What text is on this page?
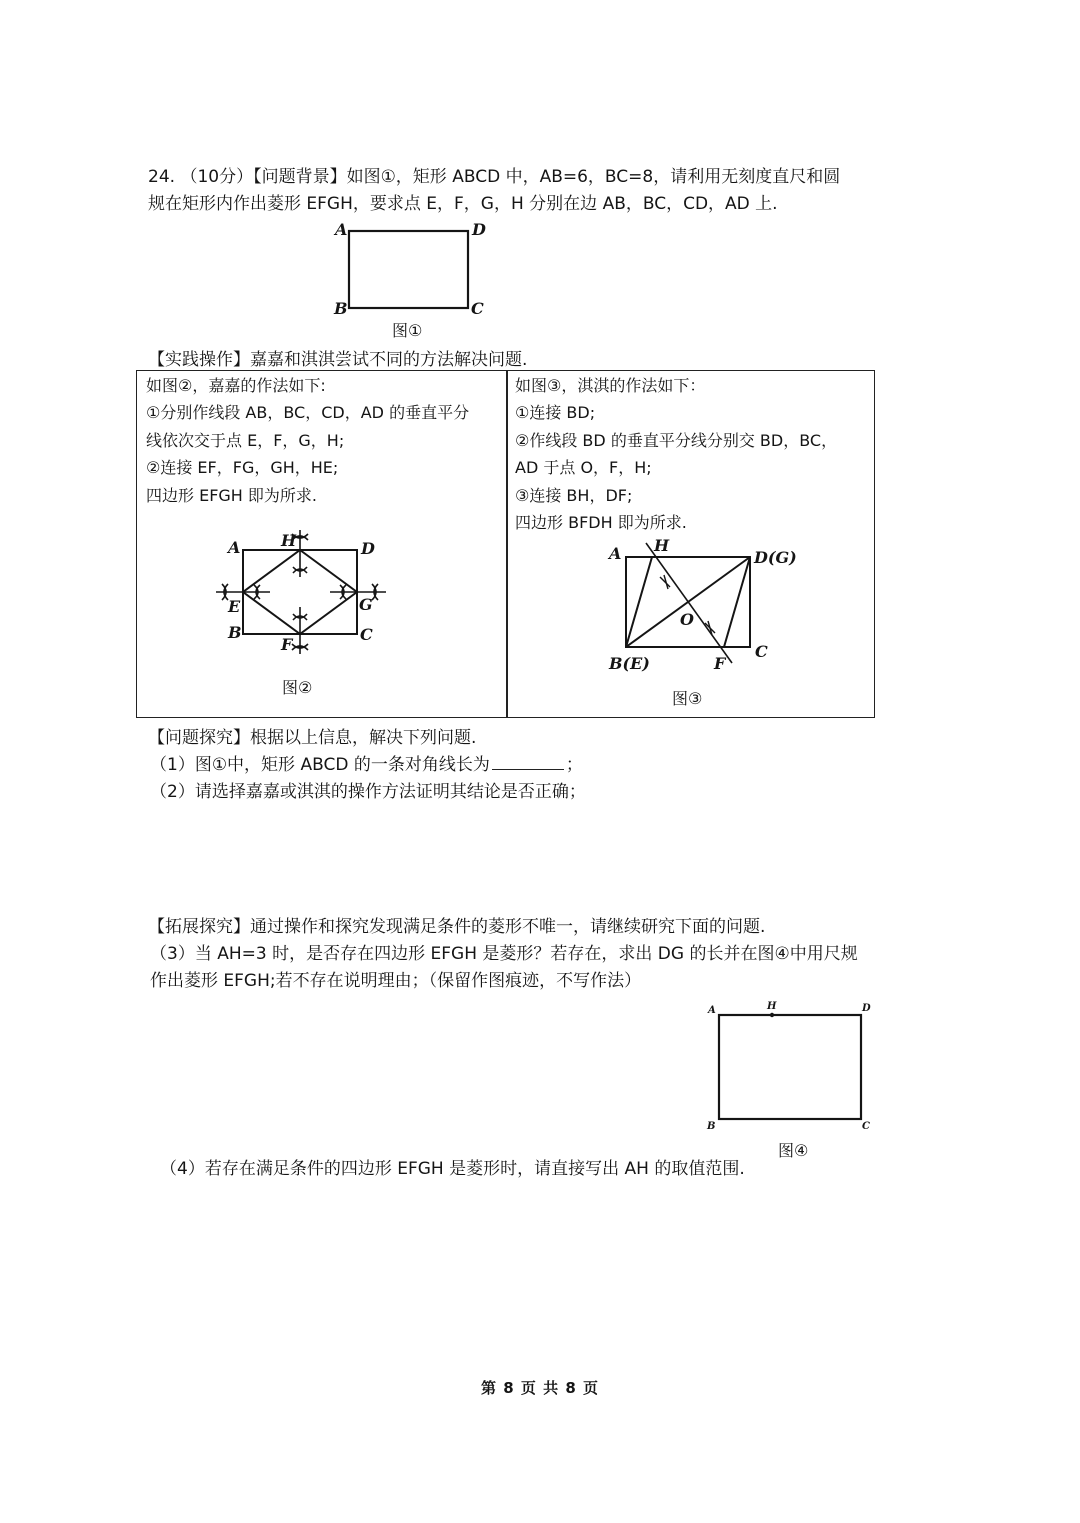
24. （10分）【问题背景】如图①，矩形 ABCD 中，AB=6，BC=8，请利用无刻度直尺和圆
规在矩形内作出菱形 EFGH，要求点 E，F，G，H 分别在边 AB，BC，CD，AD 上.
A	D
B	C
图①
【实践操作】嘉嘉和淇淇尝试不同的方法解决问题.
如图②，嘉嘉的作法如下:
①分别作线段 AB，BC，CD，AD 的垂直平分
线依次交于点 E，F，G，H;
②连接 EF，FG，GH，HE;
四边形 EFGH 即为所求.
如图③，淇淇的作法如下：
①连接 BD;
②作线段 BD 的垂直平分线分别交 BD，BC，
AD 于点 O，F，H;
③连接 BH，DF;
四边形 BFDH 即为所求.
A	H	D
E	G
B
F
C
图②
A H
D(G)
O
B(E)	F
C
图③
【问题探究】根据以上信息，解决下列问题.
（1）图①中，矩形 ABCD 的一条对角线长为	；
（2）请选择嘉嘉或淇淇的操作方法证明其结论是否正确；
【拓展探究】通过操作和探究发现满足条件的菱形不唯一，请继续研究下面的问题.
（3）当 AH=3 时，是否存在四边形 EFGH 是菱形？若存在，求出 DG 的长并在图④中用尺规
作出菱形 EFGH;若不存在说明理由；（保留作图痕迹，不写作法）
A	H	D
B	C
图④
（4）若存在满足条件的四边形 EFGH 是菱形时，请直接写出 AH 的取值范围.
第 8 页 共 8 页
